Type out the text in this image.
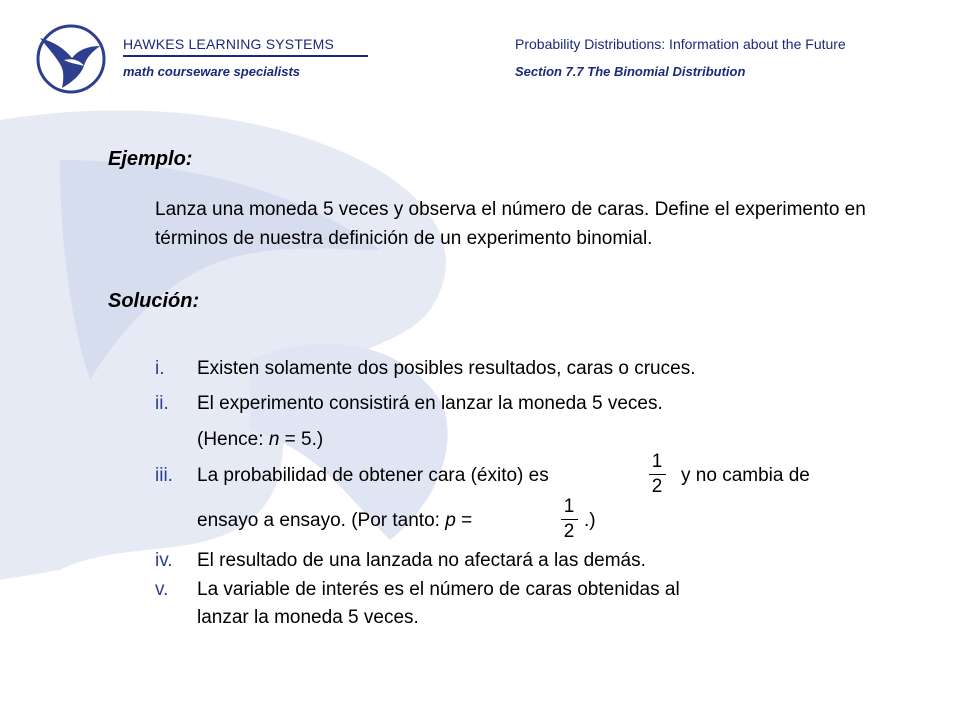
HAWKES LEARNING SYSTEMS
math courseware specialists
Probability Distributions: Information about the Future
Section 7.7 The Binomial Distribution
Ejemplo:
Lanza una moneda 5 veces y observa el número de caras. Define el experimento en términos de nuestra definición de un experimento binomial.
Solución:
i. Existen solamente dos posibles resultados, caras o cruces.
ii. El experimento consistirá en lanzar la moneda 5 veces.
(Hence: n = 5.)
iii. La probabilidad de obtener cara (éxito) es
1
2
y no cambia de
ensayo a ensayo. (Por tanto: p =
1
2
.)
iv. El resultado de una lanzada no afectará a las demás.
v. La variable de interés es el número de caras obtenidas al
lanzar la moneda 5 veces.
